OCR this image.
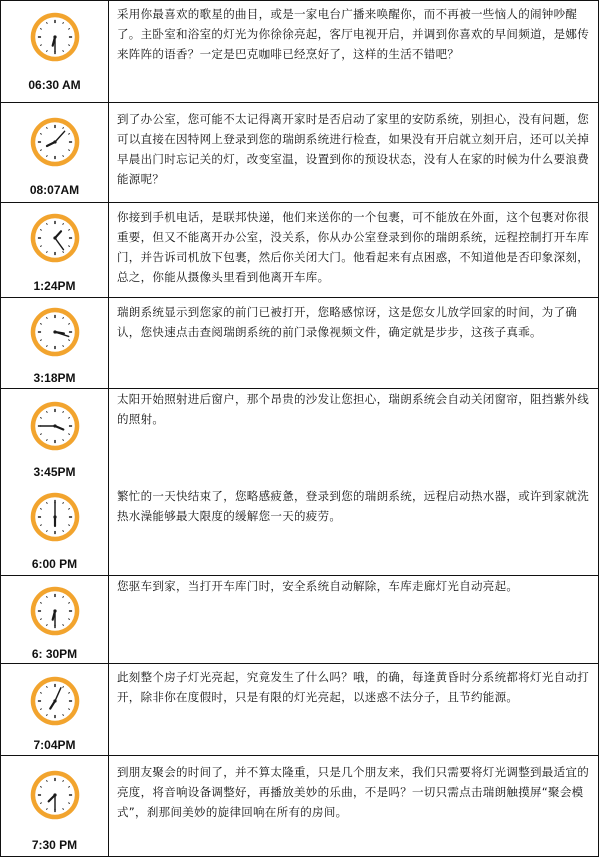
06:30 AM
采用你最喜欢的歌星的曲目，或是一家电台广播来唤醒你，而不再被一些恼人的闹钟吵醒了。主卧室和浴室的灯光为你徐徐亮起，客厅电视开启，并调到你喜欢的早间频道，是娜传来阵阵的语香？一定是巴克咖啡已经烹好了，这样的生活不错吧？
08:07AM
到了办公室，您可能不太记得离开家时是否启动了家里的安防系统，别担心，没有问题，您可以直接在因特网上登录到您的瑞朗系统进行检查，如果没有开启就立刻开启，还可以关掉早晨出门时忘记关的灯，改变室温，设置到你的预设状态，没有人在家的时候为什么要浪费能源呢？
1:24PM
你接到手机电话，是联邦快递，他们来送你的一个包裹，可不能放在外面，这个包裹对你很重要，但又不能离开办公室，没关系，你从办公室登录到你的瑞朗系统，远程控制打开车库门，并告诉司机放下包裹，然后你关闭大门。他看起来有点困惑，不知道他是否印象深刻，总之，你能从摄像头里看到他离开车库。
3:18PM
瑞朗系统显示到您家的前门已被打开，您略感惊讶，这是您女儿放学回家的时间，为了确认，您快速点击查阅瑞朗系统的前门录像视频文件，确定就是步步，这孩子真乖。
3:45PM
6:00 PM
太阳开始照射进后窗户，那个昂贵的沙发让您担心，瑞朗系统会自动关闭窗帘，阻挡紫外线的照射。
繁忙的一天快结束了，您略感疲惫，登录到您的瑞朗系统，远程启动热水器，或许到家就洗热水澡能够最大限度的缓解您一天的疲劳。
6: 30PM
您驱车到家，当打开车库门时，安全系统自动解除，车库走廊灯光自动亮起。
7:04PM
此刻整个房子灯光亮起，究竟发生了什么吗？哦，的确，每逢黄昏时分系统都将灯光自动打开，除非你在度假时，只是有限的灯光亮起，以迷惑不法分子，且节约能源。
7:30 PM
到朋友聚会的时间了，并不算太隆重，只是几个朋友来，我们只需要将灯光调整到最适宜的亮度，将音响设备调整好，再播放美妙的乐曲，不是吗？一切只需点击瑞朗触摸屏“聚会模式”，刹那间美妙的旋律回响在所有的房间。
